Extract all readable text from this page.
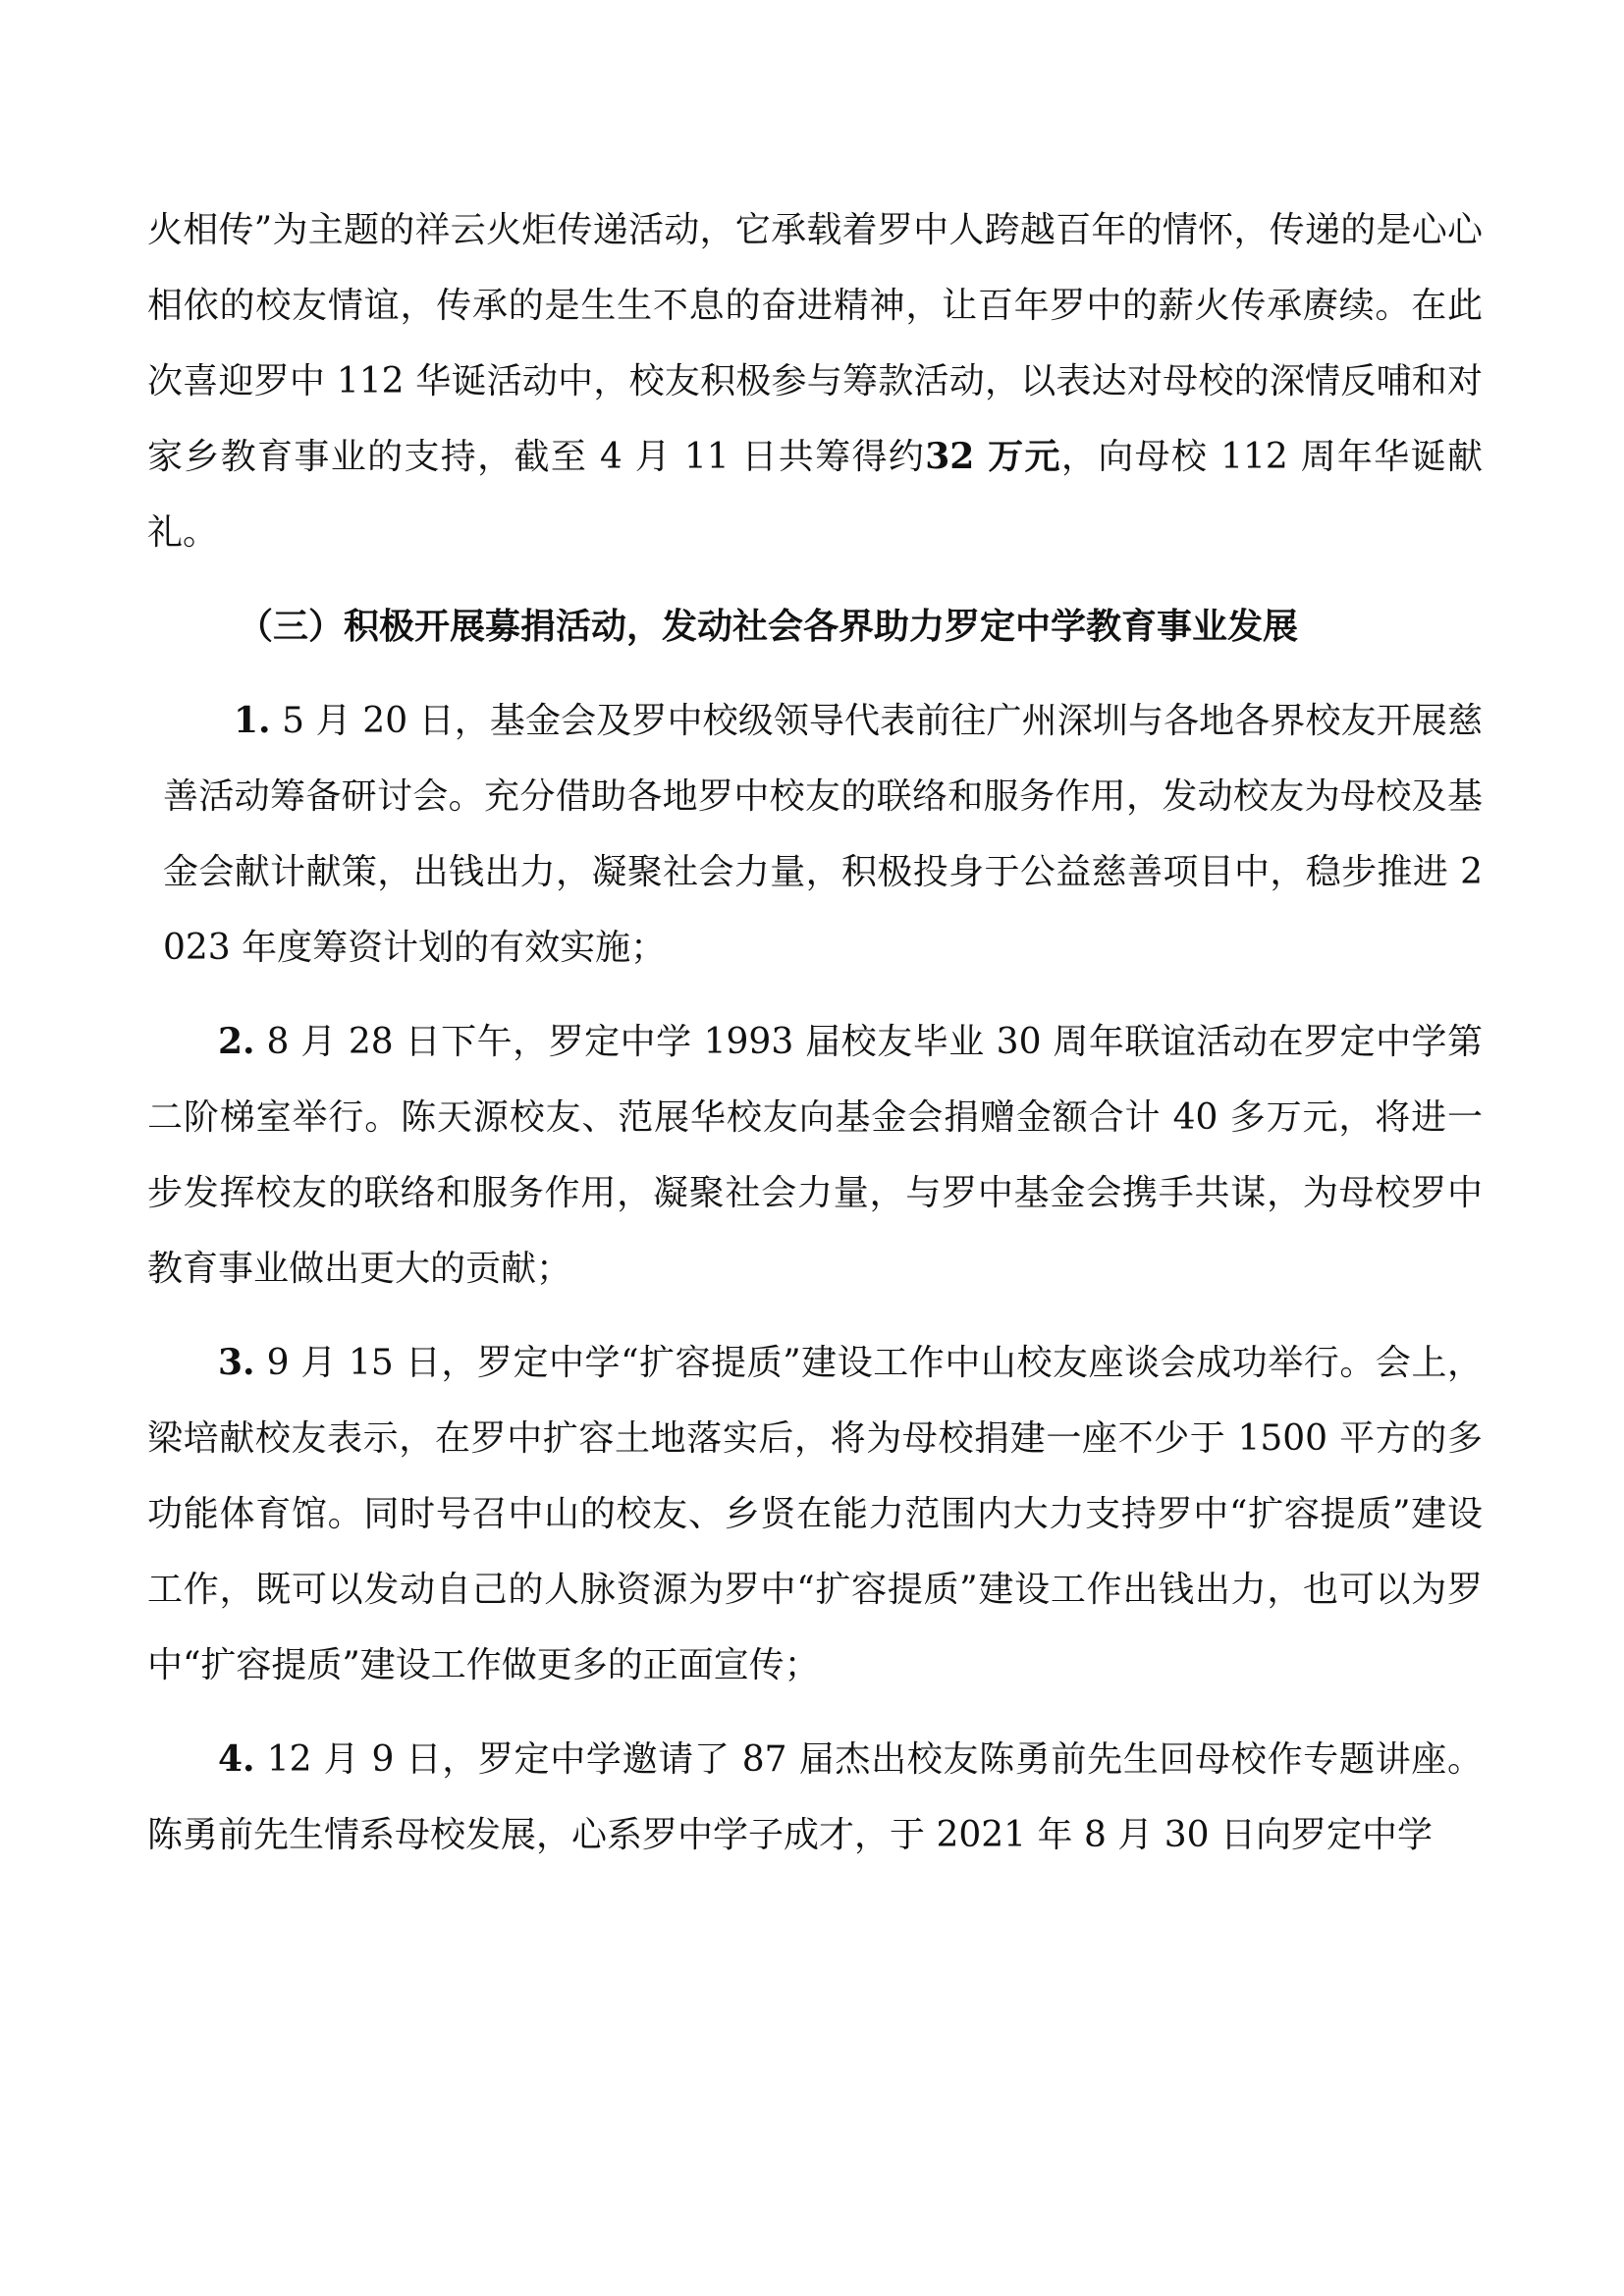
火相传”为主题的祥云火炬传递活动，它承载着罗中人跨越百年的情怀，传递的是心心相依的校友情谊，传承的是生生不息的奋进精神，让百年罗中的薪火传承赓续。在此次喜迎罗中 112 华诞活动中，校友积极参与筹款活动，以表达对母校的深情反哺和对家乡教育事业的支持，截至 4 月 11 日共筹得约32 万元，向母校 112 周年华诞献礼。

（三）积极开展募捐活动，发动社会各界助力罗定中学教育事业发展

1. 5 月 20 日，基金会及罗中校级领导代表前往广州深圳与各地各界校友开展慈善活动筹备研讨会。充分借助各地罗中校友的联络和服务作用，发动校友为母校及基金会献计献策，出钱出力，凝聚社会力量，积极投身于公益慈善项目中，稳步推进 2023 年度筹资计划的有效实施；

2. 8 月 28 日下午，罗定中学 1993 届校友毕业 30 周年联谊活动在罗定中学第二阶梯室举行。陈天源校友、范展华校友向基金会捐赠金额合计 40 多万元，将进一步发挥校友的联络和服务作用，凝聚社会力量，与罗中基金会携手共谋，为母校罗中教育事业做出更大的贡献；

3. 9 月 15 日，罗定中学“扩容提质”建设工作中山校友座谈会成功举行。会上，梁培献校友表示，在罗中扩容土地落实后，将为母校捐建一座不少于 1500 平方的多功能体育馆。同时号召中山的校友、乡贤在能力范围内大力支持罗中“扩容提质”建设工作，既可以发动自己的人脉资源为罗中“扩容提质”建设工作出钱出力，也可以为罗中“扩容提质”建设工作做更多的正面宣传；

4. 12 月 9 日，罗定中学邀请了 87 届杰出校友陈勇前先生回母校作专题讲座。陈勇前先生情系母校发展，心系罗中学子成才，于 2021 年 8 月 30 日向罗定中学
